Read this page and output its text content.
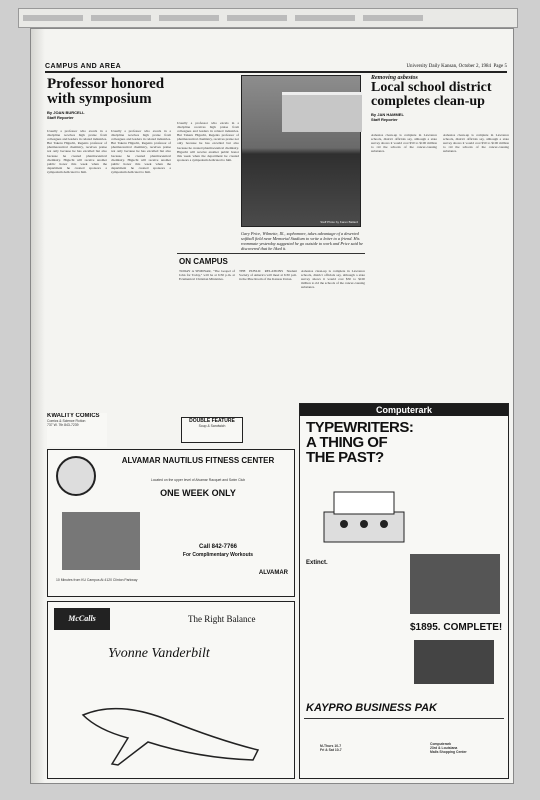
CAMPUS AND AREA	University Daily Kansan, October 2, 1984 Page 5
Professor honored with symposium
By JOAN BURCELL
Staff Reporter
Usually a professor who excels in a discipline receives high praise from colleagues and leaders in related industries. But Takeru Higuchi, Regents professor of pharmaceutical chemistry, receives praise not only because he has excelled but also because he created pharmaceutical chemistry. Higuchi will receive another public honor this week when the department he created sponsors a symposium dedicated to him.
Usually a professor who excels in a discipline receives high praise from colleagues and leaders in related industries. But Takeru Higuchi, Regents professor of pharmaceutical chemistry, receives praise not only because he has excelled but also because he created pharmaceutical chemistry. Higuchi will receive another public honor this week when the department he created sponsors a symposium dedicated to him.
Usually a professor who excels in a discipline receives high praise from colleagues and leaders in related industries. But Takeru Higuchi, Regents professor of pharmaceutical chemistry, receives praise not only because he has excelled but also because he created pharmaceutical chemistry. Higuchi will receive another public honor this week when the department he created sponsors a symposium dedicated to him.
Staff Photo by Karen Ballard
Gary Price, Wilmette, Ill., sophomore, takes advantage of a deserted softball field near Memorial Stadium to write a letter to a friend. His roommate yesterday suggested he go outside to work and Price said he discovered that he liked it.
Removing asbestos
Local school district completes clean-up
By JAN HAMMEL
Staff Reporter
Asbestos clean-up is complete in Lawrence schools, district officials say, although a state survey shows it would cost $50 to $100 million to rid the schools of the cancer-causing substance.
Asbestos clean-up is complete in Lawrence schools, district officials say, although a state survey shows it would cost $50 to $100 million to rid the schools of the cancer-causing substance.
Asbestos clean-up is complete in Lawrence schools, district officials say, although a state survey shows it would cost $50 to $100 million to rid the schools of the cancer-causing substance.
ON CAMPUS
TODAY A SEMINAR, "The Gospel of John for Today," will be at 6:30 p.m. at Ecumenical Christian Ministries.
THE PUBLIC RELATIONS Student Society of America will meet at 6:30 p.m. in the Pine Room of the Kansas Union.
KWALITY COMICS
Comics & Science Fiction
737 W. 7th 843-7239
DOUBLE FEATURE
Soup & Sandwich
ALVAMAR NAUTILUS FITNESS CENTER
Located on the upper level of Alvamar Racquet and Swim Club
ONE WEEK ONLY
Call 842-7766
For Complimentary Workouts
10 Minutes from KU Campus At 4120 Clinton Parkway
ALVAMAR
McCalls	The Right Balance
Yvonne Vanderbilt
Computerark
TYPEWRITERS:
A THING OF
THE PAST?
Extinct.
$1895. COMPLETE!
KAYPRO BUSINESS PAK
M-Thurs 10-7
Fri & Sat 10-7
Computerark
23rd & Louisiana
Malls Shopping Center
